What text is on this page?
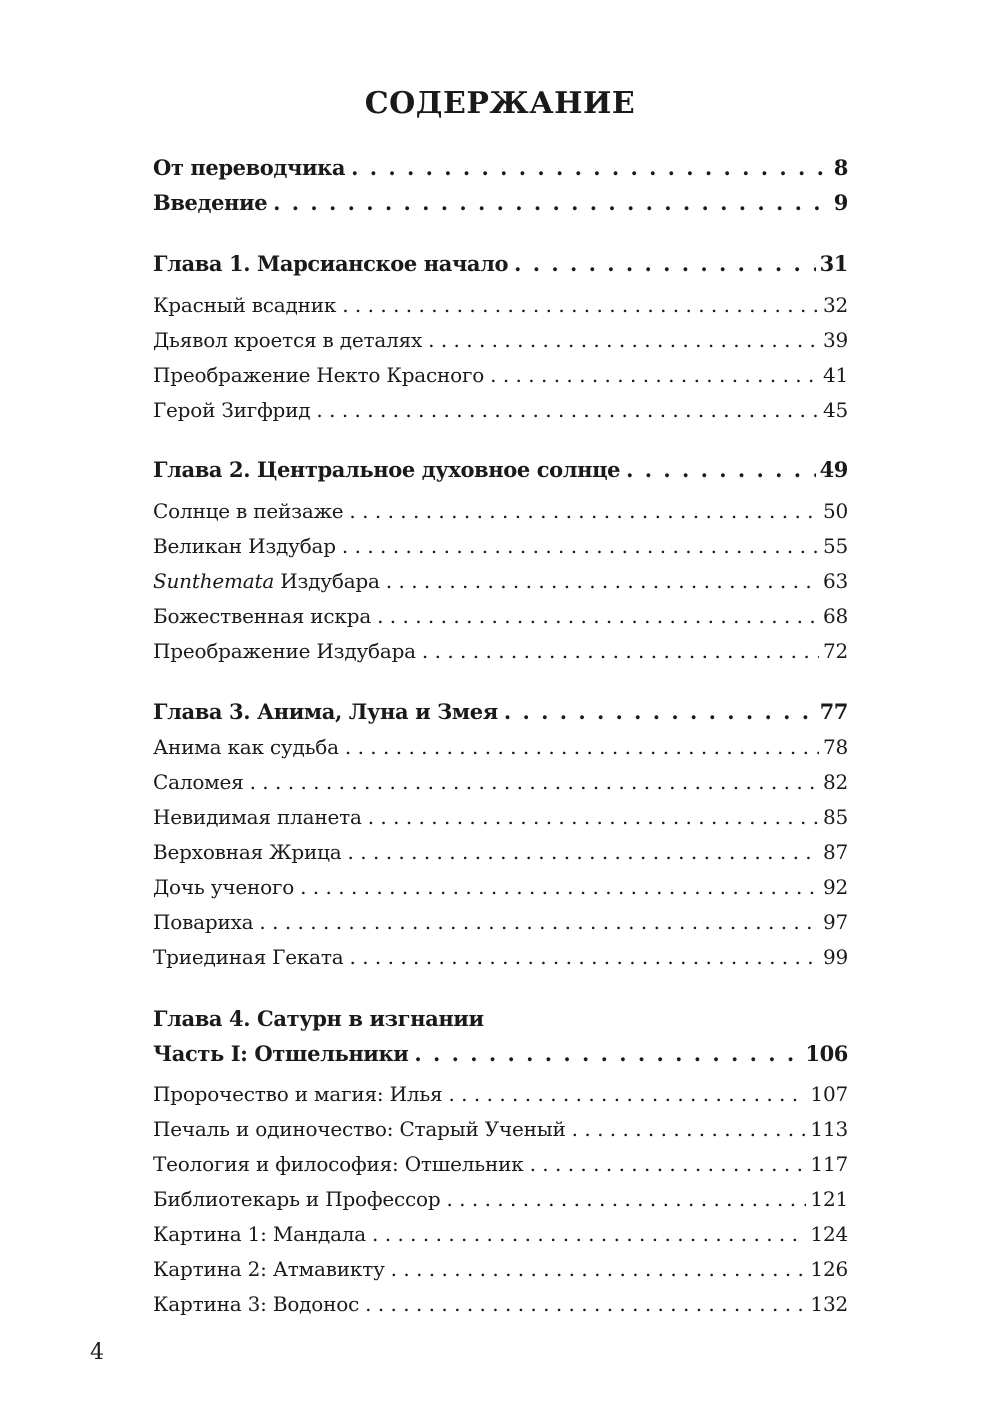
СОДЕРЖАНИЕ
От переводчика . . .	8
Введение . . .	9
Глава 1. Марсианское начало . . .	31
Красный всадник . . .	32
Дьявол кроется в деталях . . .	39
Преображение Некто Красного . . .	41
Герой Зигфрид . . .	45
Глава 2. Центральное духовное солнце . . .	49
Солнце в пейзаже . . .	50
Великан Издубар . . .	55
Sunthemata Издубара . . .	63
Божественная искра . . .	68
Преображение Издубара . . .	72
Глава 3. Анима, Луна и Змея . . .	77
Анима как судьба . . .	78
Саломея . . .	82
Невидимая планета . . .	85
Верховная Жрица . . .	87
Дочь ученого . . .	92
Повариха . . .	97
Триединая Геката . . .	99
Глава 4. Сатурн в изгнании
Часть I: Отшельники . . .	106
Пророчество и магия: Илья . . .	107
Печаль и одиночество: Старый Ученый . . .	113
Теология и философия: Отшельник . . .	117
Библиотекарь и Профессор . . .	121
Картина 1: Мандала . . .	124
Картина 2: Атмавикту . . .	126
Картина 3: Водонос . . .	132
4
